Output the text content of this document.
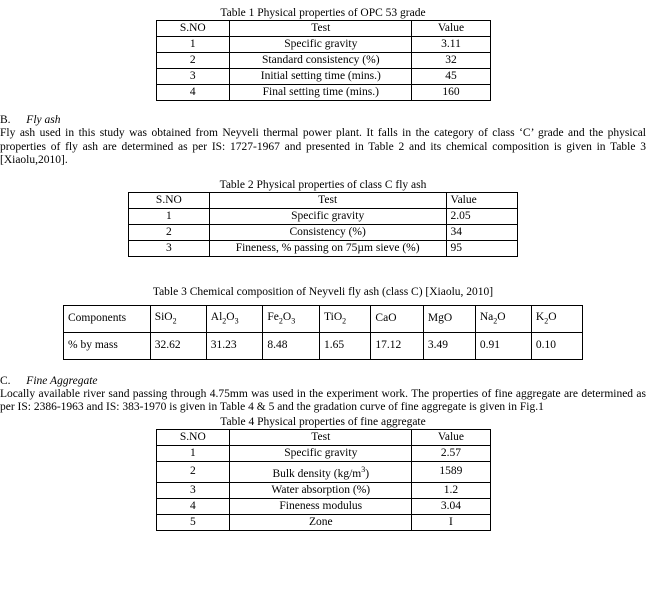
Table 1 Physical properties of OPC 53 grade
S.NO	Test	Value
1	Specific gravity	3.11
2	Standard consistency (%)	32
3	Initial setting time (mins.)	45
4	Final setting time (mins.)	160
B. Fly ash

Fly ash used in this study was obtained from Neyveli thermal power plant. It falls in the category of class ‘C’ grade and the physical properties of fly ash are determined as per IS: 1727-1967 and presented in Table 2 and its chemical composition is given in Table 3 [Xiaolu,2010].

Table 2 Physical properties of class C fly ash
S.NO	Test	Value
1	Specific gravity	2.05
2	Consistency (%)	34
3	Fineness, % passing on 75µm sieve (%)	95
Table 3 Chemical composition of Neyveli fly ash (class C) [Xiaolu, 2010]
Components	SiO$_2$	$Al_2O_3$	$Fe_2O_3$	TiO$_2$	CaO	MgO	$Na_2O$	$K_2O$
% by mass	32.62	31.23	8.48	1.65	17.12	3.49	0.91	0.10
C. Fine Aggregate

Locally available river sand passing through 4.75mm was used in the experiment work. The properties of fine aggregate are determined as per IS: 2386-1963 and IS: 383-1970 is given in Table 4 & 5 and the gradation curve of fine aggregate is given in Fig.1

Table 4 Physical properties of fine aggregate
S.NO	Test	Value
1	Specific gravity	2.57
2	Bulk density $(kg/m^3)$	1589
3	Water absorption (%)	1.2
4	Fineness modulus	3.04
5	Zone	I
